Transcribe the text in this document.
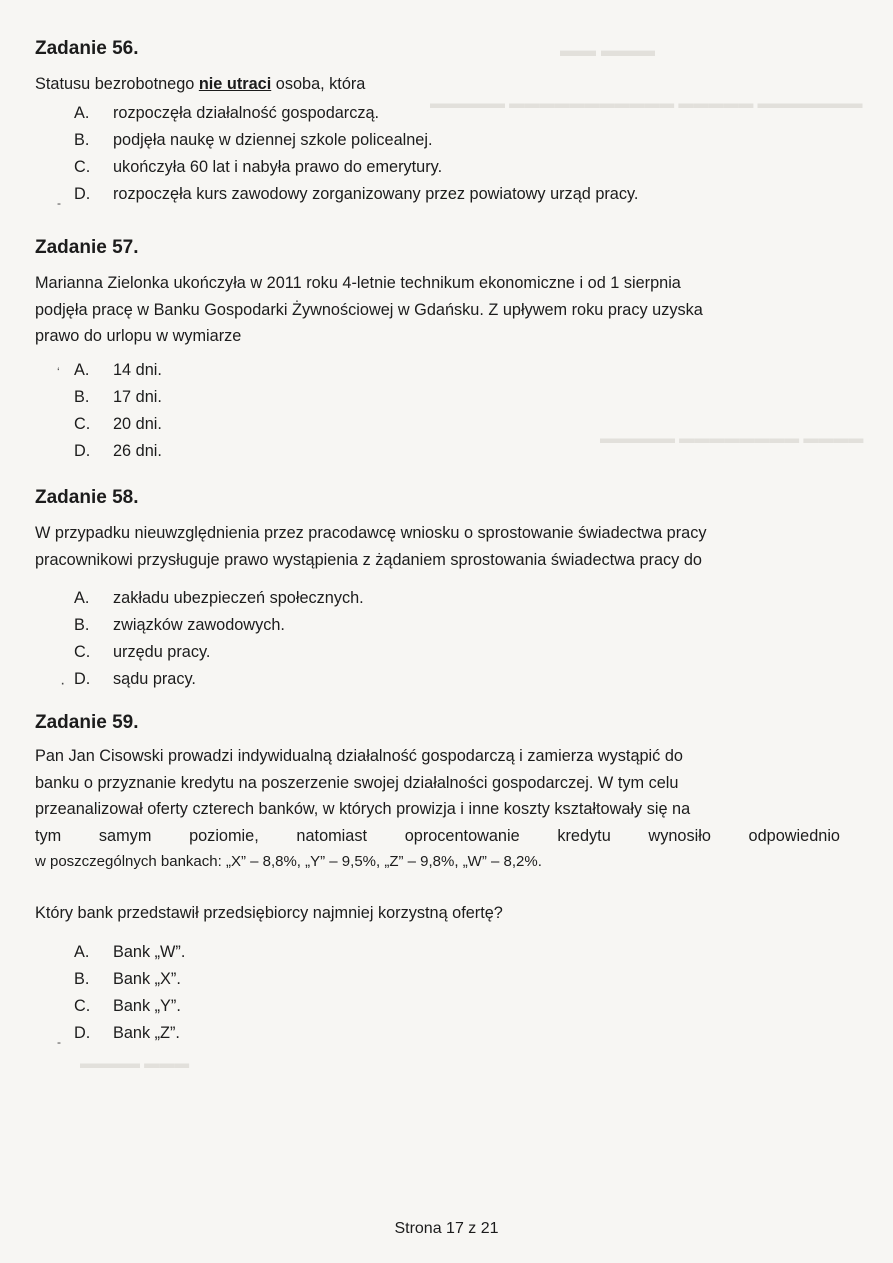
▬▬▬ ▬▬
▬▬▬▬▬▬▬ ▬▬▬▬▬ ▬▬▬▬▬▬▬▬▬▬▬ ▬▬▬▬▬
▬▬▬▬ ▬▬▬▬▬▬▬▬ ▬▬▬▬▬
▬▬▬ ▬▬▬▬
Zadanie 56.

Statusu bezrobotnego nie utraci osoba, która

A. rozpoczęła działalność gospodarczą.
B. podjęła naukę w dziennej szkole policealnej.
C. ukończyła 60 lat i nabyła prawo do emerytury.
- D. rozpoczęła kurs zawodowy zorganizowany przez powiatowy urząd pracy.
Zadanie 57.

Marianna Zielonka ukończyła w 2011 roku 4-letnie technikum ekonomiczne i od 1 sierpnia

podjęła pracę w Banku Gospodarki Żywnościowej w Gdańsku. Z upływem roku pracy uzyska

prawo do urlopu w wymiarze

‘ A. 14 dni.
B. 17 dni.
C. 20 dni.
D. 26 dni.
Zadanie 58.

W przypadku nieuwzględnienia przez pracodawcę wniosku o sprostowanie świadectwa pracy

pracownikowi przysługuje prawo wystąpienia z żądaniem sprostowania świadectwa pracy do

A. zakładu ubezpieczeń społecznych.
B. związków zawodowych.
C. urzędu pracy.
· D. sądu pracy.
Zadanie 59.

Pan Jan Cisowski prowadzi indywidualną działalność gospodarczą i zamierza wystąpić do

banku o przyznanie kredytu na poszerzenie swojej działalności gospodarczej. W tym celu

przeanalizował oferty czterech banków, w których prowizja i inne koszty kształtowały się na

tym samym poziomie, natomiast oprocentowanie kredytu wynosiło odpowiednio

w poszczególnych bankach: „X” – 8,8%, „Y” – 9,5%, „Z” – 9,8%, „W” – 8,2%.

Który bank przedstawił przedsiębiorcy najmniej korzystną ofertę?

A. Bank „W”.
B. Bank „X”.
C. Bank „Y”.
- D. Bank „Z”.
Strona 17 z 21
